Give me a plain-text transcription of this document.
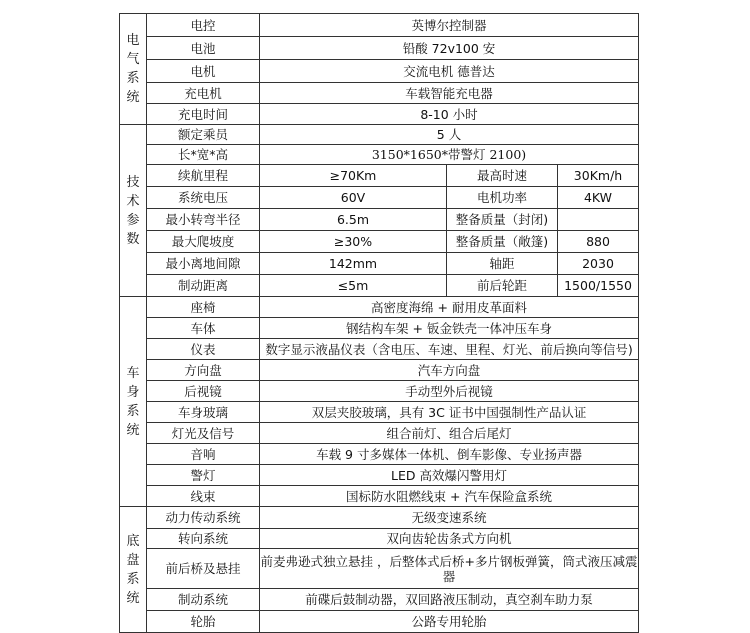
电气系统	电控	英博尔控制器		
	电池	铅酸 72v100 安		
	电机	交流电机 德普达		
	充电机	车载智能充电器		
	充电时间	8-10 小时		
技术参数	额定乘员	5 人		
	长*宽*高	3150*1650*带警灯 2100)		
	续航里程	≥70Km	最高时速	30Km/h
	系统电压	60V	电机功率	4KW
	最小转弯半径	6.5m	整备质量（封闭)	
	最大爬坡度	≥30%	整备质量（敞篷)	880
	最小离地间隙	142mm	轴距	2030
	制动距离	≤5m	前后轮距	1500/1550
车身系统	座椅	高密度海绵 + 耐用皮革面料		
	车体	钢结构车架 + 钣金铁壳一体冲压车身		
	仪表	数字显示液晶仪表（含电压、车速、里程、灯光、前后换向等信号)		
	方向盘	汽车方向盘		
	后视镜	手动型外后视镜		
	车身玻璃	双层夹胶玻璃，具有 3C 证书中国强制性产品认证		
	灯光及信号	组合前灯、组合后尾灯		
	音响	车载 9 寸多媒体一体机、倒车影像、专业扬声器		
	警灯	LED 高效爆闪警用灯		
	线束	国标防水阻燃线束 + 汽车保险盒系统		
底盘系统	动力传动系统	无级变速系统		
	转向系统	双向齿轮齿条式方向机		
	前后桥及悬挂	前麦弗逊式独立悬挂 ，后整体式后桥+多片钢板弹簧，筒式液压减震器		
	制动系统	前碟后鼓制动器，双回路液压制动，真空刹车助力泵		
	轮胎	公路专用轮胎		
